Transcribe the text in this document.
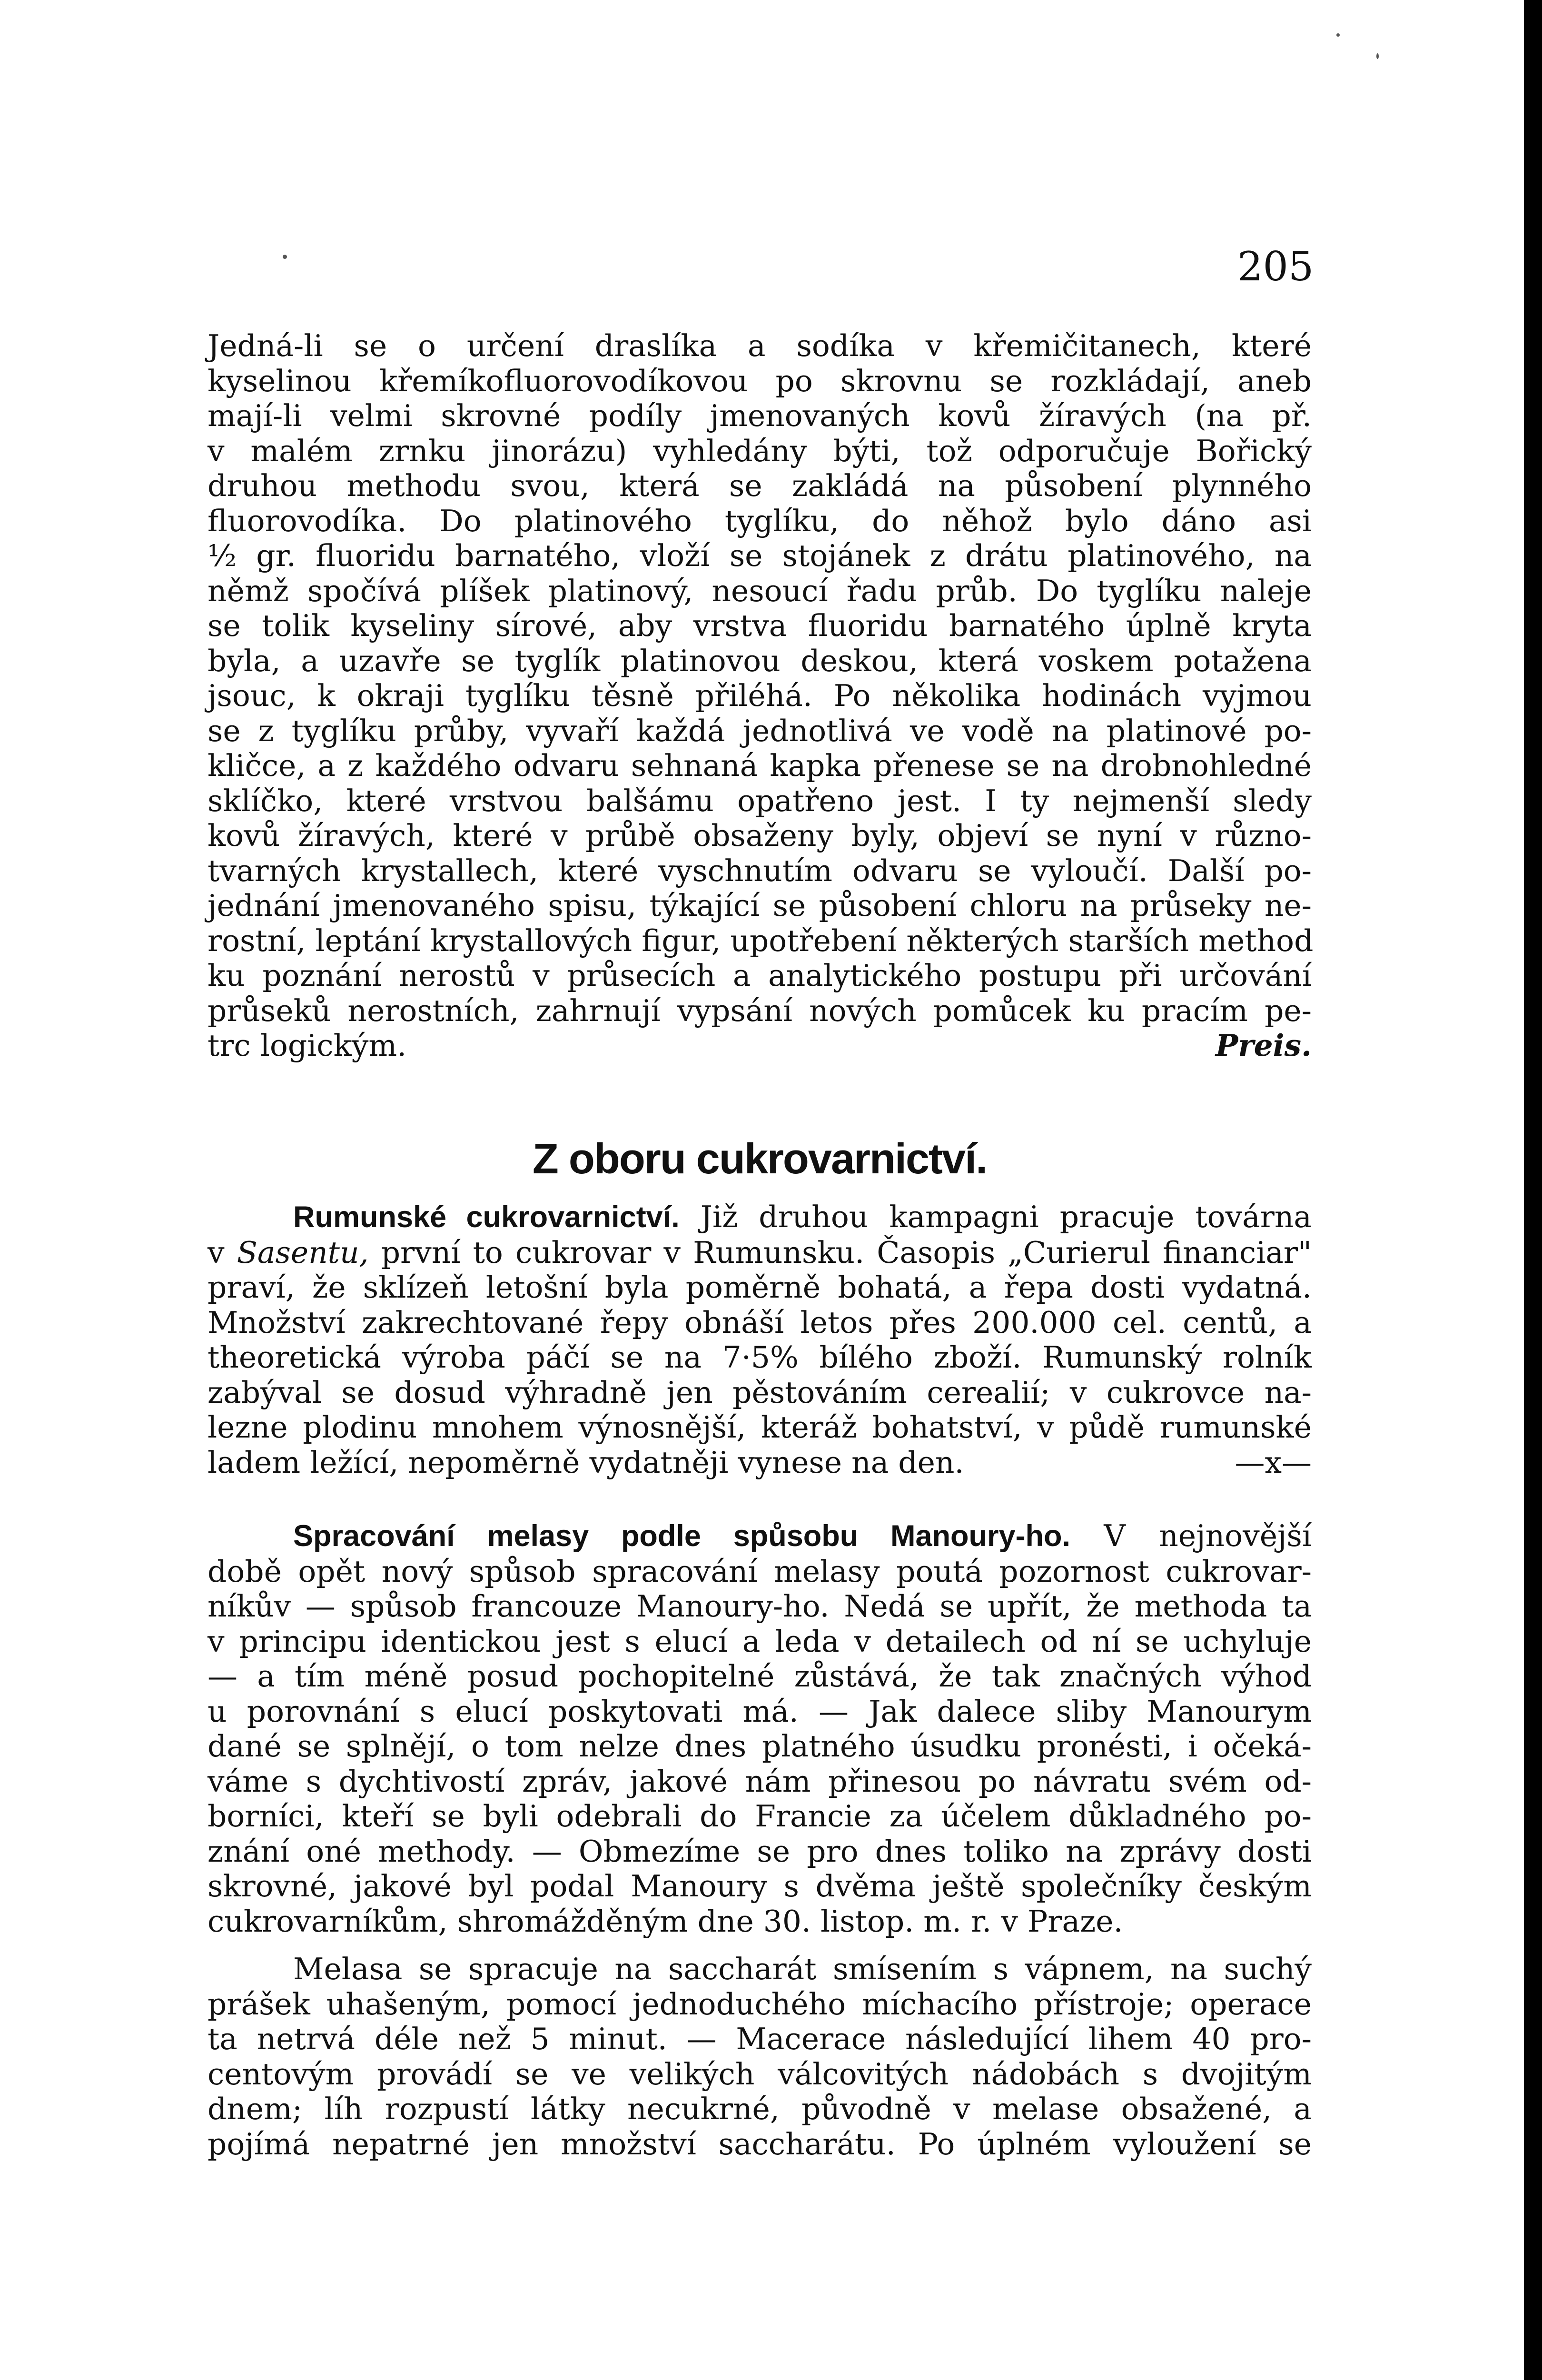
205
Jedná-li se o určení draslíka a sodíka v křemičitanech, které
kyselinou křemíkofluorovodíkovou po skrovnu se rozkládají, aneb
mají-li velmi skrovné podíly jmenovaných kovů žíravých (na př.
v malém zrnku jinorázu) vyhledány býti, tož odporučuje Bořický
druhou methodu svou, která se zakládá na působení plynného
fluorovodíka. Do platinového tyglíku, do něhož bylo dáno asi
½ gr. fluoridu barnatého, vloží se stojánek z drátu platinového, na
němž spočívá plíšek platinový, nesoucí řadu průb. Do tyglíku naleje
se tolik kyseliny sírové, aby vrstva fluoridu barnatého úplně kryta
byla, a uzavře se tyglík platinovou deskou, která voskem potažena
jsouc, k okraji tyglíku těsně přiléhá. Po několika hodinách vyjmou
se z tyglíku průby, vyvaří každá jednotlivá ve vodě na platinové po-
kličce, a z každého odvaru sehnaná kapka přenese se na drobnohledné
sklíčko, které vrstvou balšámu opatřeno jest. I ty nejmenší sledy
kovů žíravých, které v průbě obsaženy byly, objeví se nyní v různo-
tvarných krystallech, které vyschnutím odvaru se vyloučí. Další po-
jednání jmenovaného spisu, týkající se působení chloru na průseky ne-
rostní, leptání krystallových figur, upotřebení některých starších method
ku poznání nerostů v průsecích a analytického postupu při určování
průseků nerostních, zahrnují vypsání nových pomůcek ku pracím pe-
trc logickým.	Preis.
Z oboru cukrovarnictví.
Rumunské cukrovarnictví. Již druhou kampagni pracuje továrna
v Sasentu, první to cukrovar v Rumunsku. Časopis „Curierul financiar"
praví, že sklízeň letošní byla poměrně bohatá, a řepa dosti vydatná.
Množství zakrechtované řepy obnáší letos přes 200.000 cel. centů, a
theoretická výroba páčí se na 7·5% bílého zboží. Rumunský rolník
zabýval se dosud výhradně jen pěstováním cerealií; v cukrovce na-
lezne plodinu mnohem výnosnější, kteráž bohatství, v půdě rumunské
ladem ležící, nepoměrně vydatněji vynese na den.	—x—
Spracování melasy podle spůsobu Manoury-ho. V nejnovější
době opět nový spůsob spracování melasy poutá pozornost cukrovar-
níkův — spůsob francouze Manoury-ho. Nedá se upřít, že methoda ta
v principu identickou jest s elucí a leda v detailech od ní se uchyluje
— a tím méně posud pochopitelné zůstává, že tak značných výhod
u porovnání s elucí poskytovati má. — Jak dalece sliby Manourym
dané se splnějí, o tom nelze dnes platného úsudku pronésti, i očeká-
váme s dychtivostí zpráv, jakové nám přinesou po návratu svém od-
borníci, kteří se byli odebrali do Francie za účelem důkladného po-
znání oné methody. — Obmezíme se pro dnes toliko na zprávy dosti
skrovné, jakové byl podal Manoury s dvěma ještě společníky českým
cukrovarníkům, shromážděným dne 30. listop. m. r. v Praze.
Melasa se spracuje na saccharát smísením s vápnem, na suchý
prášek uhašeným, pomocí jednoduchého míchacího přístroje; operace
ta netrvá déle než 5 minut. — Macerace následující lihem 40 pro-
centovým provádí se ve velikých válcovitých nádobách s dvojitým
dnem; líh rozpustí látky necukrné, původně v melase obsažené, a
pojímá nepatrné jen množství saccharátu. Po úplném vyloužení se
